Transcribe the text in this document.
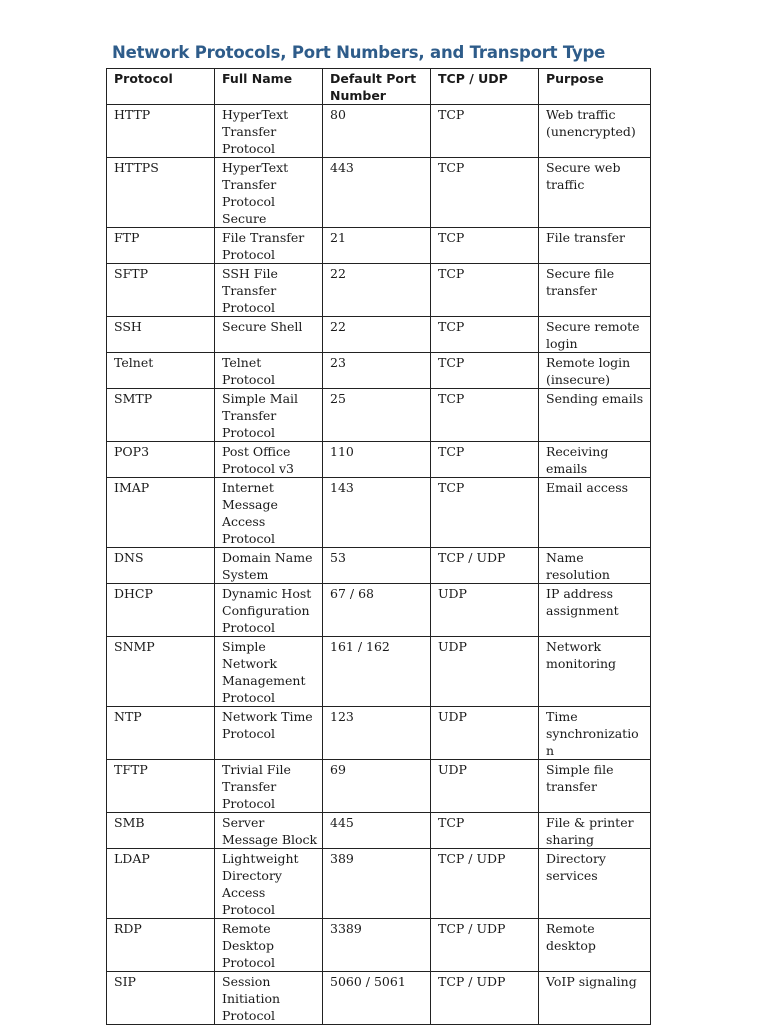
Network Protocols, Port Numbers, and Transport Type
Protocol	Full Name	Default Port Number	TCP / UDP	Purpose
HTTP	HyperText Transfer Protocol	80	TCP	Web traffic (unencrypted)
HTTPS	HyperText Transfer Protocol Secure	443	TCP	Secure web traffic
FTP	File Transfer Protocol	21	TCP	File transfer
SFTP	SSH File Transfer Protocol	22	TCP	Secure file transfer
SSH	Secure Shell	22	TCP	Secure remote login
Telnet	Telnet Protocol	23	TCP	Remote login (insecure)
SMTP	Simple Mail Transfer Protocol	25	TCP	Sending emails
POP3	Post Office Protocol v3	110	TCP	Receiving emails
IMAP	Internet Message Access Protocol	143	TCP	Email access
DNS	Domain Name System	53	TCP / UDP	Name resolution
DHCP	Dynamic Host Configuration Protocol	67 / 68	UDP	IP address assignment
SNMP	Simple Network Management Protocol	161 / 162	UDP	Network monitoring
NTP	Network Time Protocol	123	UDP	Time synchronization
TFTP	Trivial File Transfer Protocol	69	UDP	Simple file transfer
SMB	Server Message Block	445	TCP	File & printer sharing
LDAP	Lightweight Directory Access Protocol	389	TCP / UDP	Directory services
RDP	Remote Desktop Protocol	3389	TCP / UDP	Remote desktop
SIP	Session Initiation Protocol	5060 / 5061	TCP / UDP	VoIP signaling
